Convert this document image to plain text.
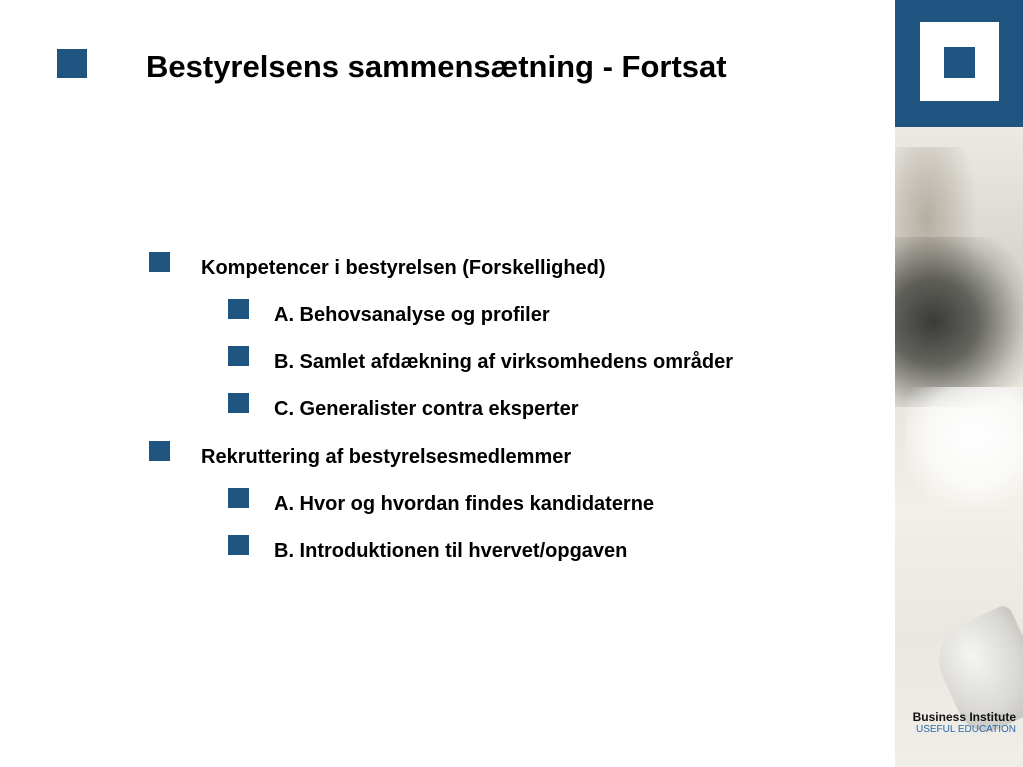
Bestyrelsens sammensætning - Fortsat
Kompetencer i bestyrelsen (Forskellighed)
A. Behovsanalyse og profiler
B. Samlet afdækning af virksomhedens områder
C. Generalister contra eksperter
Rekruttering af bestyrelsesmedlemmer
A. Hvor og hvordan findes kandidaterne
B. Introduktionen til hvervet/opgaven
Business Institute
USEFUL EDUCATION
